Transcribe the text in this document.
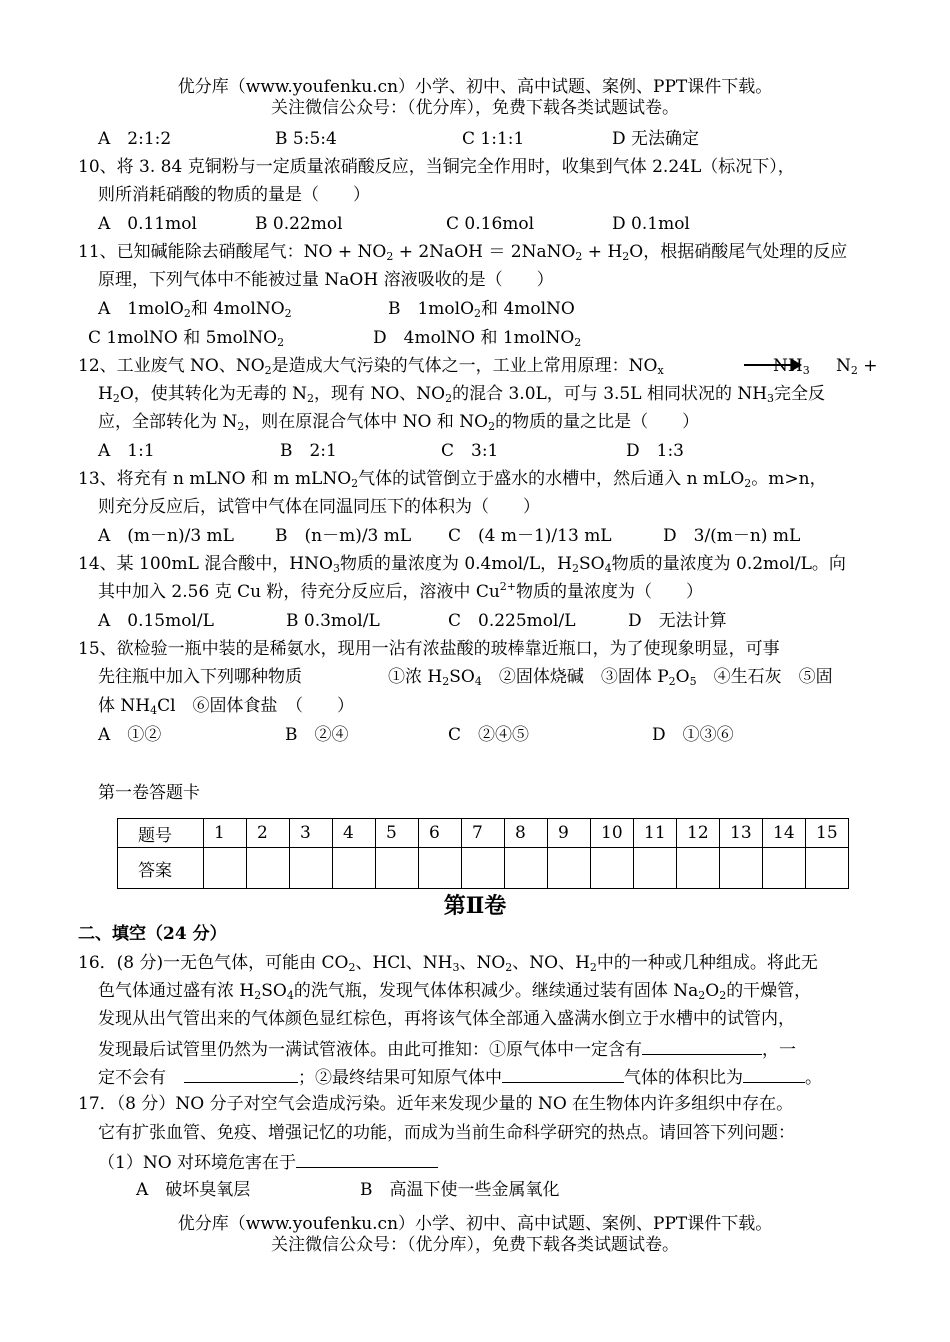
优分库（www.youfenku.cn）小学、初中、高中试题、案例、PPT课件下载。
关注微信公众号：（优分库），免费下载各类试题试卷。
A　2:1:2	B 5:5:4	C 1:1:1	D 无法确定
10、将 3. 84 克铜粉与一定质量浓硝酸反应，当铜完全作用时，收集到气体 2.24L（标况下），
则所消耗硝酸的物质的量是（　　）
A　0.11mol	B 0.22mol	C 0.16mol	D 0.1mol
11、已知碱能除去硝酸尾气：NO + $NO_2$ + 2NaOH ＝ 2NaNO$_2$ + $H_2O$，根据硝酸尾气处理的反应
原理，下列气体中不能被过量 NaOH 溶液吸收的是（　　）
A　1molO$_2$和 4molNO$_2$	B　1molO$_2$和 4molNO
C 1molNO 和 5molNO$_2$	D　4molNO 和 1molNO$_2$
12、工业废气 NO、$NO_2$是造成大气污染的气体之一，工业上常用原理：$NO_x$	$NH_3$ $N_2$ +
$H_2O$，使其转化为无毒的 $N_2$，现有 NO、$NO_2$的混合 3.0L，可与 3.5L 相同状况的 $NH_3$完全反
应，全部转化为 $N_2$，则在原混合气体中 NO 和 $NO_2$的物质的量之比是（　　）
A　1:1	B　2:1	C　3:1	D　1:3
13、将充有 n mLNO 和 m mLNO$_2$气体的试管倒立于盛水的水槽中，然后通入 n mLO$_2$。m>n，
则充分反应后，试管中气体在同温同压下的体积为（　　）
A　(m－n)/3 mL B　(n－m)/3 mL C　(4 m－1)/13 mL	D　3/(m－n) mL
14、某 100mL 混合酸中，$HNO_3$物质的量浓度为 0.4mol/L，$H_2SO_4$物质的量浓度为 0.2mol/L。向
其中加入 2.56 克 Cu 粉，待充分反应后，溶液中 $Cu^{2+}$物质的量浓度为（　　）
A　0.15mol/L	B 0.3mol/L	C　0.225mol/L	D　无法计算
15、欲检验一瓶中装的是稀氨水，现用一沾有浓盐酸的玻棒靠近瓶口，为了使现象明显，可事
先往瓶中加入下列哪种物质	①浓 $H_2SO_4$　 ②固体烧碱　③固体 $P_2O_5$　 ④生石灰　⑤固
体 $NH_4Cl$　⑥固体食盐　（　　）
A　①②	B　②④	C　②④⑤	D　①③⑥
第一卷答题卡
题号	1	2	3	4	5	6	7	8	9	10	11	12	13	14	15
答案															
第Ⅱ卷
二、填空（24 分）
16．(8 分)一无色气体，可能由 $CO_2$、HCl、$NH_3$、$NO_2$、NO、$H_2$中的一种或几种组成。将此无
色气体通过盛有浓 $H_2SO_4$的洗气瓶，发现气体体积减少。继续通过装有固体 $Na_2O_2$的干燥管，
发现从出气管出来的气体颜色显红棕色，再将该气体全部通入盛满水倒立于水槽中的试管内，
发现最后试管里仍然为一满试管液体。由此可推知：①原气体中一定含有	，一
定不会有	；②最终结果可知原气体中	气体的体积比为	。
17．（8 分）NO 分子对空气会造成污染。近年来发现少量的 NO 在生物体内许多组织中存在。
它有扩张血管、免疫、增强记忆的功能，而成为当前生命科学研究的热点。请回答下列问题：
（1）NO 对环境危害在于
A　破坏臭氧层	B　高温下使一些金属氧化
优分库（www.youfenku.cn）小学、初中、高中试题、案例、PPT课件下载。
关注微信公众号：（优分库），免费下载各类试题试卷。
